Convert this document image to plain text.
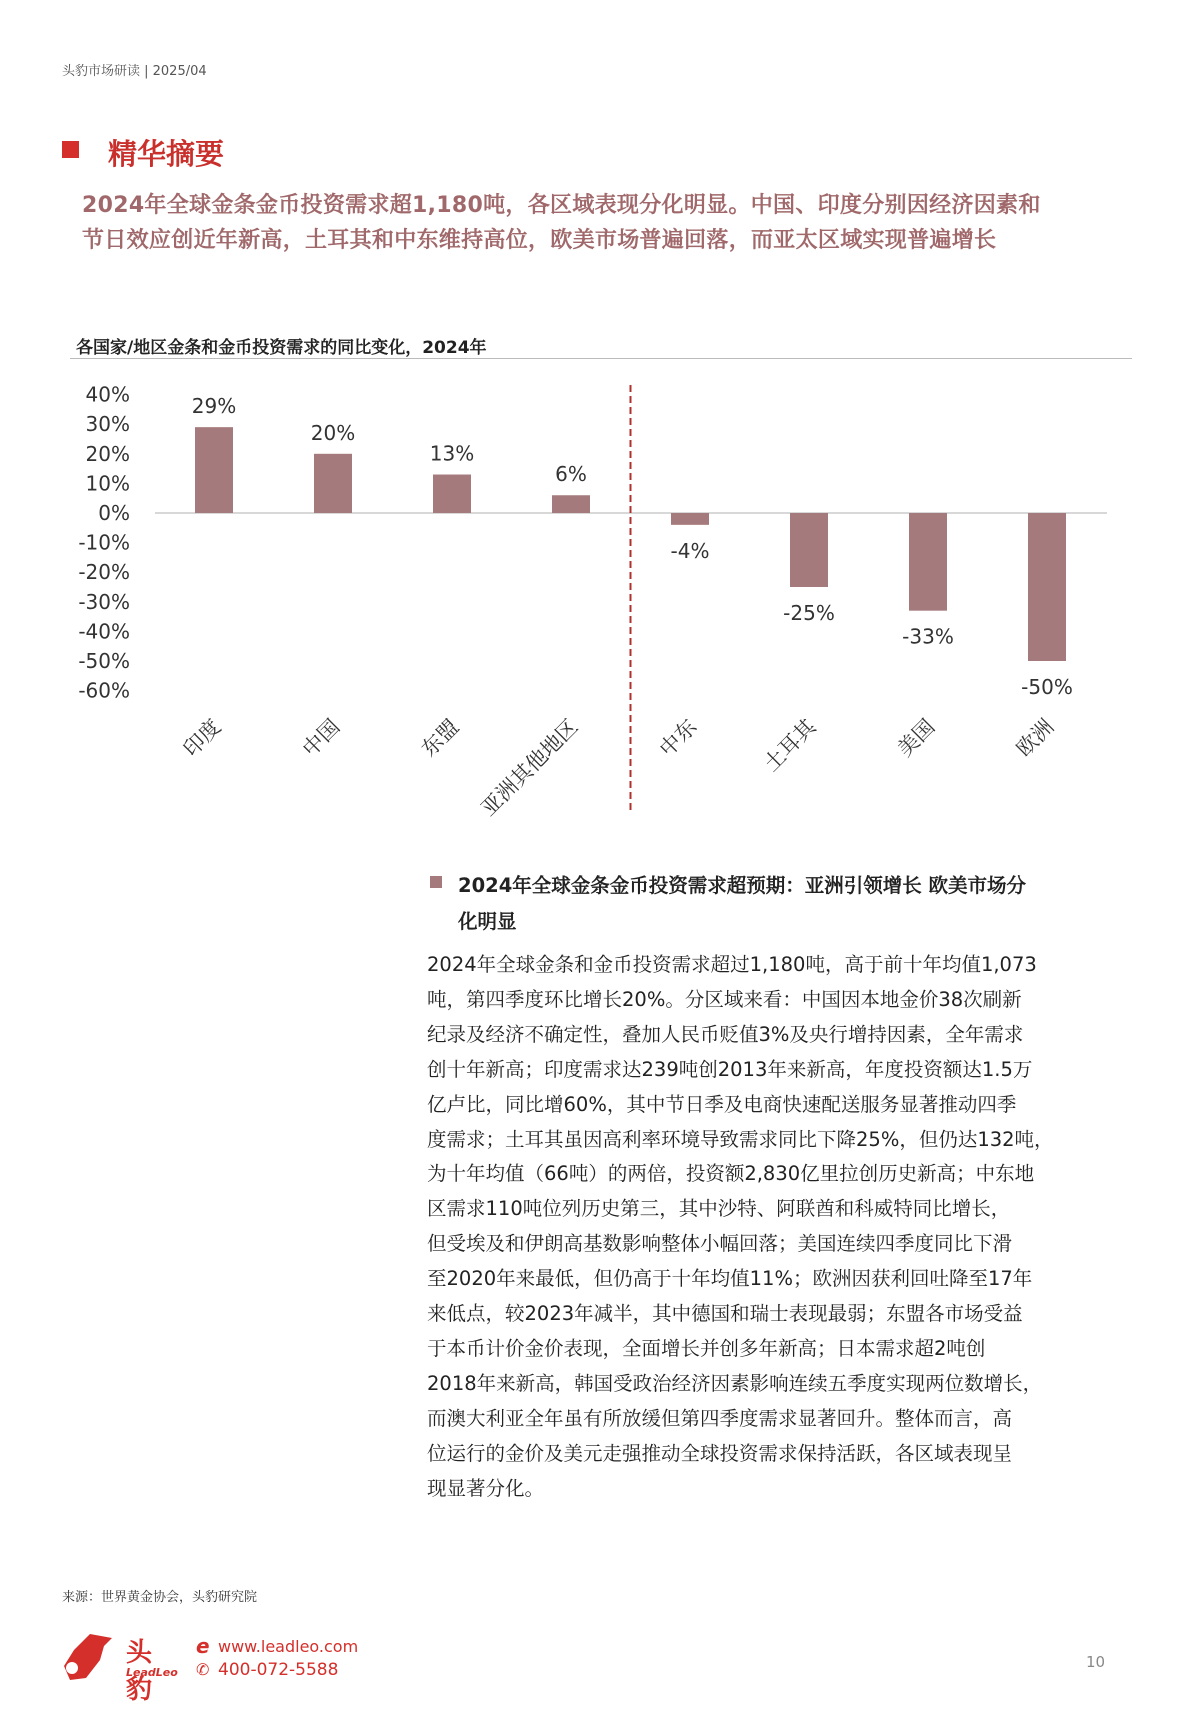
头豹市场研读 | 2025/04
精华摘要
2024年全球金条金币投资需求超1,180吨，各区域表现分化明显。中国、印度分别因经济因素和
节日效应创近年新高，土耳其和中东维持高位，欧美市场普遍回落，而亚太区域实现普遍增长
各国家/地区金条和金币投资需求的同比变化，2024年
40%
30%
20%
10%
0%
-10%
-20%
-30%
-40%
-50%
-60%
29%
印度
20%
中国
13%
东盟
6%
亚洲其他地区
-4%
中东
-25%
土耳其
-33%
美国
-50%
欧洲
2024年全球金条金币投资需求超预期：亚洲引领增长 欧美市场分
化明显
2024年全球金条和金币投资需求超过1,180吨，高于前十年均值1,073
吨，第四季度环比增长20%。分区域来看：中国因本地金价38次刷新
纪录及经济不确定性，叠加人民币贬值3%及央行增持因素，全年需求
创十年新高；印度需求达239吨创2013年来新高，年度投资额达1.5万
亿卢比，同比增60%，其中节日季及电商快速配送服务显著推动四季
度需求；土耳其虽因高利率环境导致需求同比下降25%，但仍达132吨，
为十年均值（66吨）的两倍，投资额2,830亿里拉创历史新高；中东地
区需求110吨位列历史第三，其中沙特、阿联酋和科威特同比增长，
但受埃及和伊朗高基数影响整体小幅回落；美国连续四季度同比下滑
至2020年来最低，但仍高于十年均值11%；欧洲因获利回吐降至17年
来低点，较2023年减半，其中德国和瑞士表现最弱；东盟各市场受益
于本币计价金价表现，全面增长并创多年新高；日本需求超2吨创
2018年来新高，韩国受政治经济因素影响连续五季度实现两位数增长，
而澳大利亚全年虽有所放缓但第四季度需求显著回升。整体而言，高
位运行的金价及美元走强推动全球投资需求保持活跃，各区域表现呈
现显著分化。
来源：世界黄金协会，头豹研究院
头豹
LeadLeo
e www.leadleo.com
✆ 400-072-5588	10
